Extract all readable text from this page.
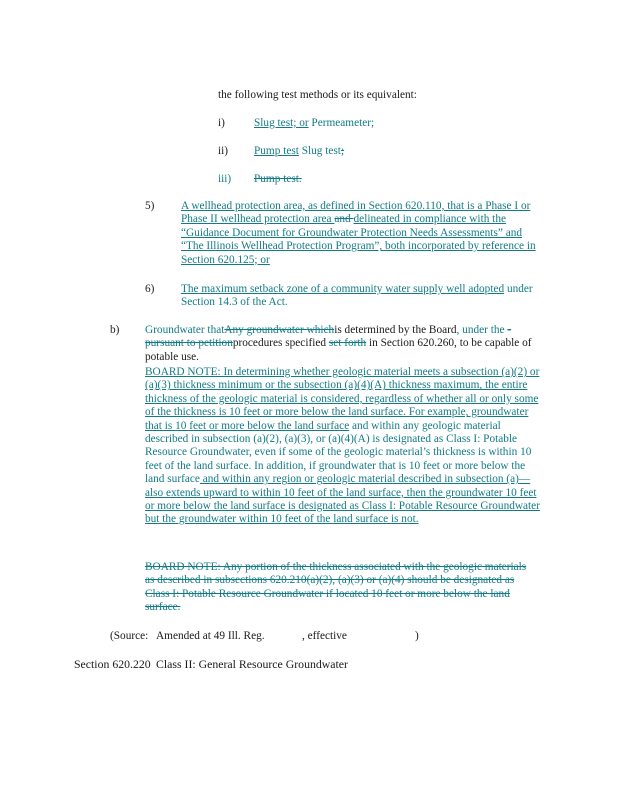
the following test methods or its equivalent:
i)	Slug test; or Permeameter;
ii) Pump test Slug test;
iii) Pump test.
5) A wellhead protection area, as defined in Section 620.110, that is a Phase I or Phase II wellhead protection area and delineated in compliance with the “Guidance Document for Groundwater Protection Needs Assessments” and “The Illinois Wellhead Protection Program”, both incorporated by reference in Section 620.125; or
6) The maximum setback zone of a community water supply well adopted under Section 14.3 of the Act.
b) Groundwater thatAny groundwater whichis determined by the Board, under the - pursuant to petitionprocedures specified set forth in Section 620.260, to be capable of potable use.
BOARD NOTE: In determining whether geologic material meets a subsection (a)(2) or (a)(3) thickness minimum or the subsection (a)(4)(A) thickness maximum, the entire thickness of the geologic material is considered, regardless of whether all or only some of the thickness is 10 feet or more below the land surface. For example, groundwater that is 10 feet or more below the land surface and within any geologic material described in subsection (a)(2), (a)(3), or (a)(4)(A) is designated as Class I: Potable Resource Groundwater, even if some of the geologic material’s thickness is within 10 feet of the land surface. In addition, if groundwater that is 10 feet or more below the land surface and within any region or geologic material described in subsection (a)—also extends upward to within 10 feet of the land surface, then the groundwater 10 feet or more below the land surface is designated as Class I: Potable Resource Groundwater but the groundwater within 10 feet of the land surface is not.
BOARD NOTE: Any portion of the thickness associated with the geologic materials as described in subsections 620.210(a)(2), (a)(3) or (a)(4) should be designated as Class I: Potable Resource Groundwater if located 10 feet or more below the land surface.
(Source: Amended at 49 Ill. Reg.	, effective	)
Section 620.220 Class II: General Resource Groundwater
